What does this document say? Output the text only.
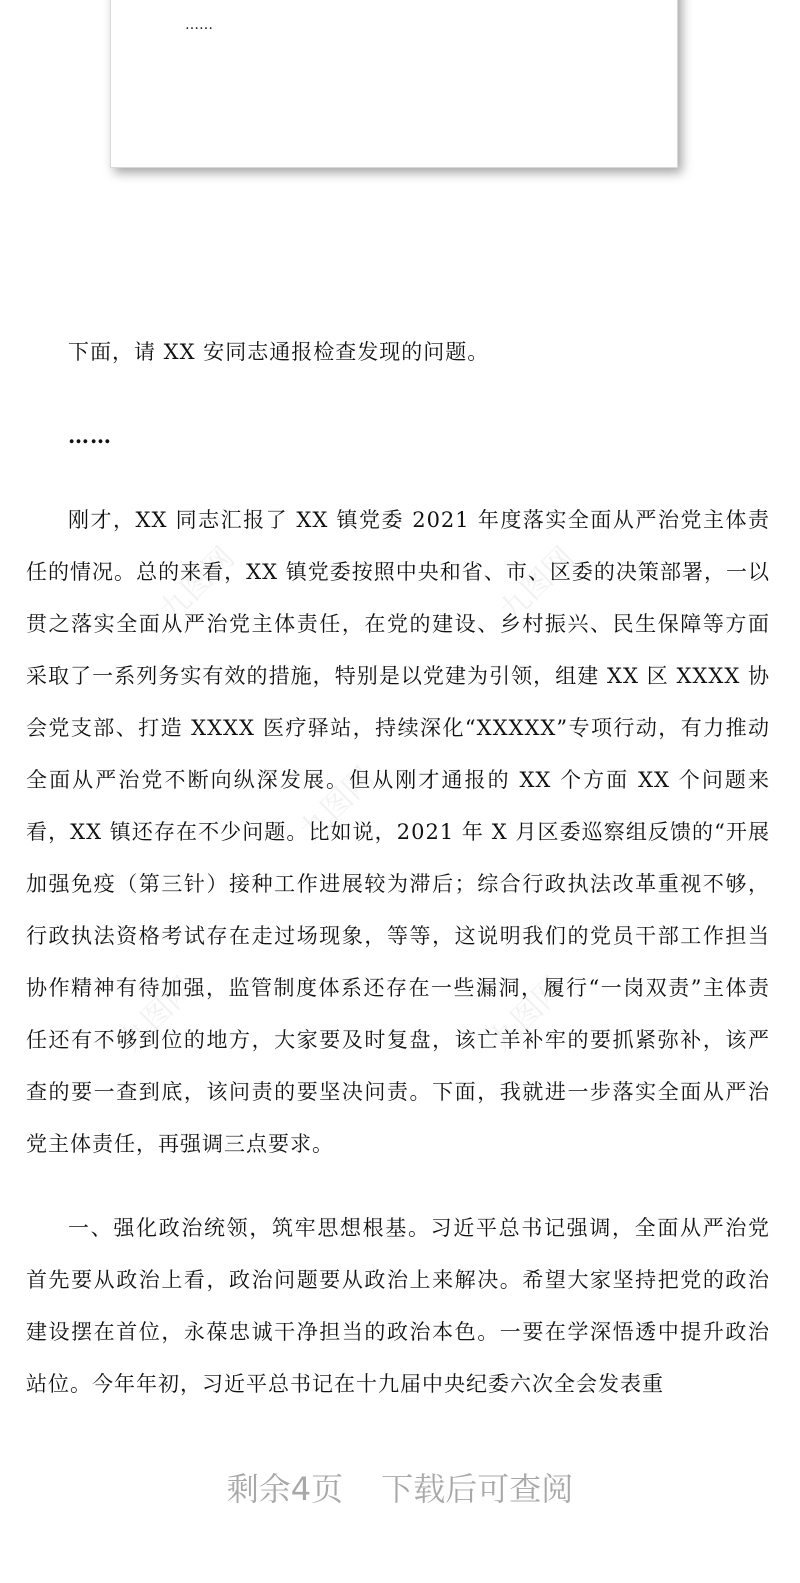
……
九图网	九图网
九图网
九图网	九图网

下面，请 XX 安同志通报检查发现的问题。

……

刚才，XX 同志汇报了 XX 镇党委 2021 年度落实全面从严治党主体责任的情况。总的来看，XX 镇党委按照中央和省、市、区委的决策部署，一以贯之落实全面从严治党主体责任，在党的建设、乡村振兴、民生保障等方面采取了一系列务实有效的措施，特别是以党建为引领，组建 XX 区 XXXX 协会党支部、打造 XXXX 医疗驿站，持续深化“XXXXX”专项行动，有力推动全面从严治党不断向纵深发展。但从刚才通报的 XX 个方面 XX 个问题来看，XX 镇还存在不少问题。比如说，2021 年 X 月区委巡察组反馈的“开展加强免疫（第三针）接种工作进展较为滞后；综合行政执法改革重视不够，行政执法资格考试存在走过场现象，等等，这说明我们的党员干部工作担当协作精神有待加强，监管制度体系还存在一些漏洞，履行“一岗双责”主体责任还有不够到位的地方，大家要及时复盘，该亡羊补牢的要抓紧弥补，该严查的要一查到底，该问责的要坚决问责。下面，我就进一步落实全面从严治党主体责任，再强调三点要求。

一、强化政治统领，筑牢思想根基。习近平总书记强调，全面从严治党首先要从政治上看，政治问题要从政治上来解决。希望大家坚持把党的政治建设摆在首位，永葆忠诚干净担当的政治本色。一要在学深悟透中提升政治站位。今年年初，习近平总书记在十九届中央纪委六次全会发表重

剩余4页 下载后可查阅
